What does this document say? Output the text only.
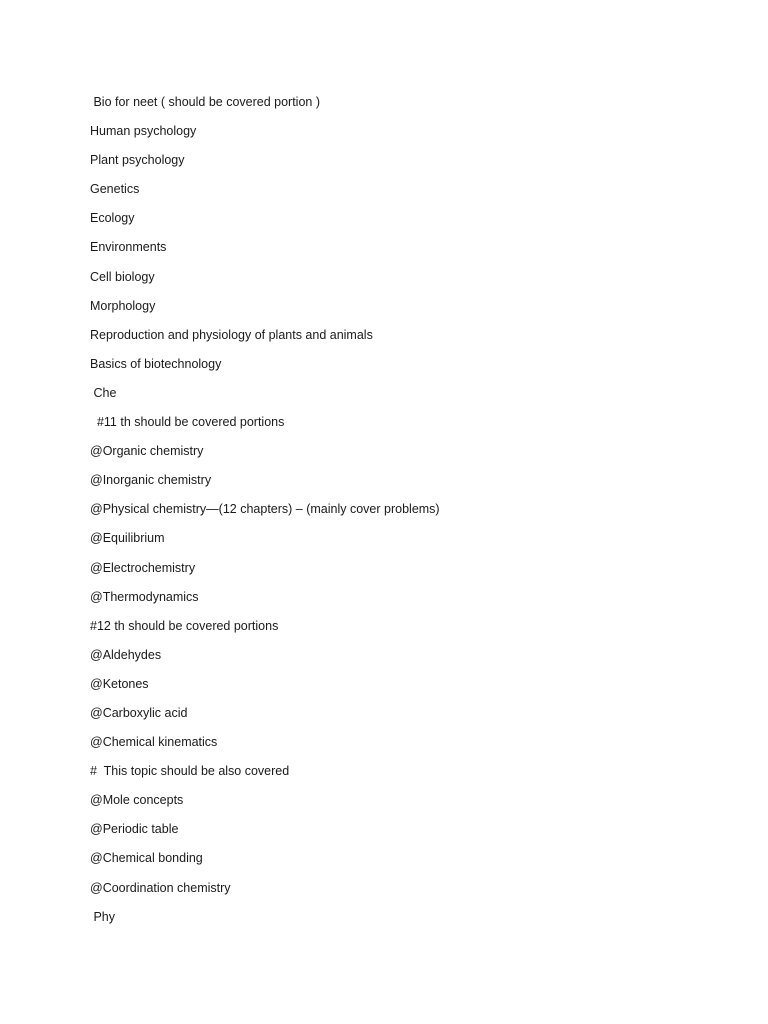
Bio for neet ( should be covered portion )
Human psychology
Plant psychology
Genetics
Ecology
Environments
Cell biology
Morphology
Reproduction and physiology of plants and animals
Basics of biotechnology
Che
#11 th should be covered portions
@Organic chemistry
@Inorganic chemistry
@Physical chemistry—(12 chapters) – (mainly cover problems)
@Equilibrium
@Electrochemistry
@Thermodynamics
#12 th should be covered portions
@Aldehydes
@Ketones
@Carboxylic acid
@Chemical kinematics
#  This topic should be also covered
@Mole concepts
@Periodic table
@Chemical bonding
@Coordination chemistry
Phy
